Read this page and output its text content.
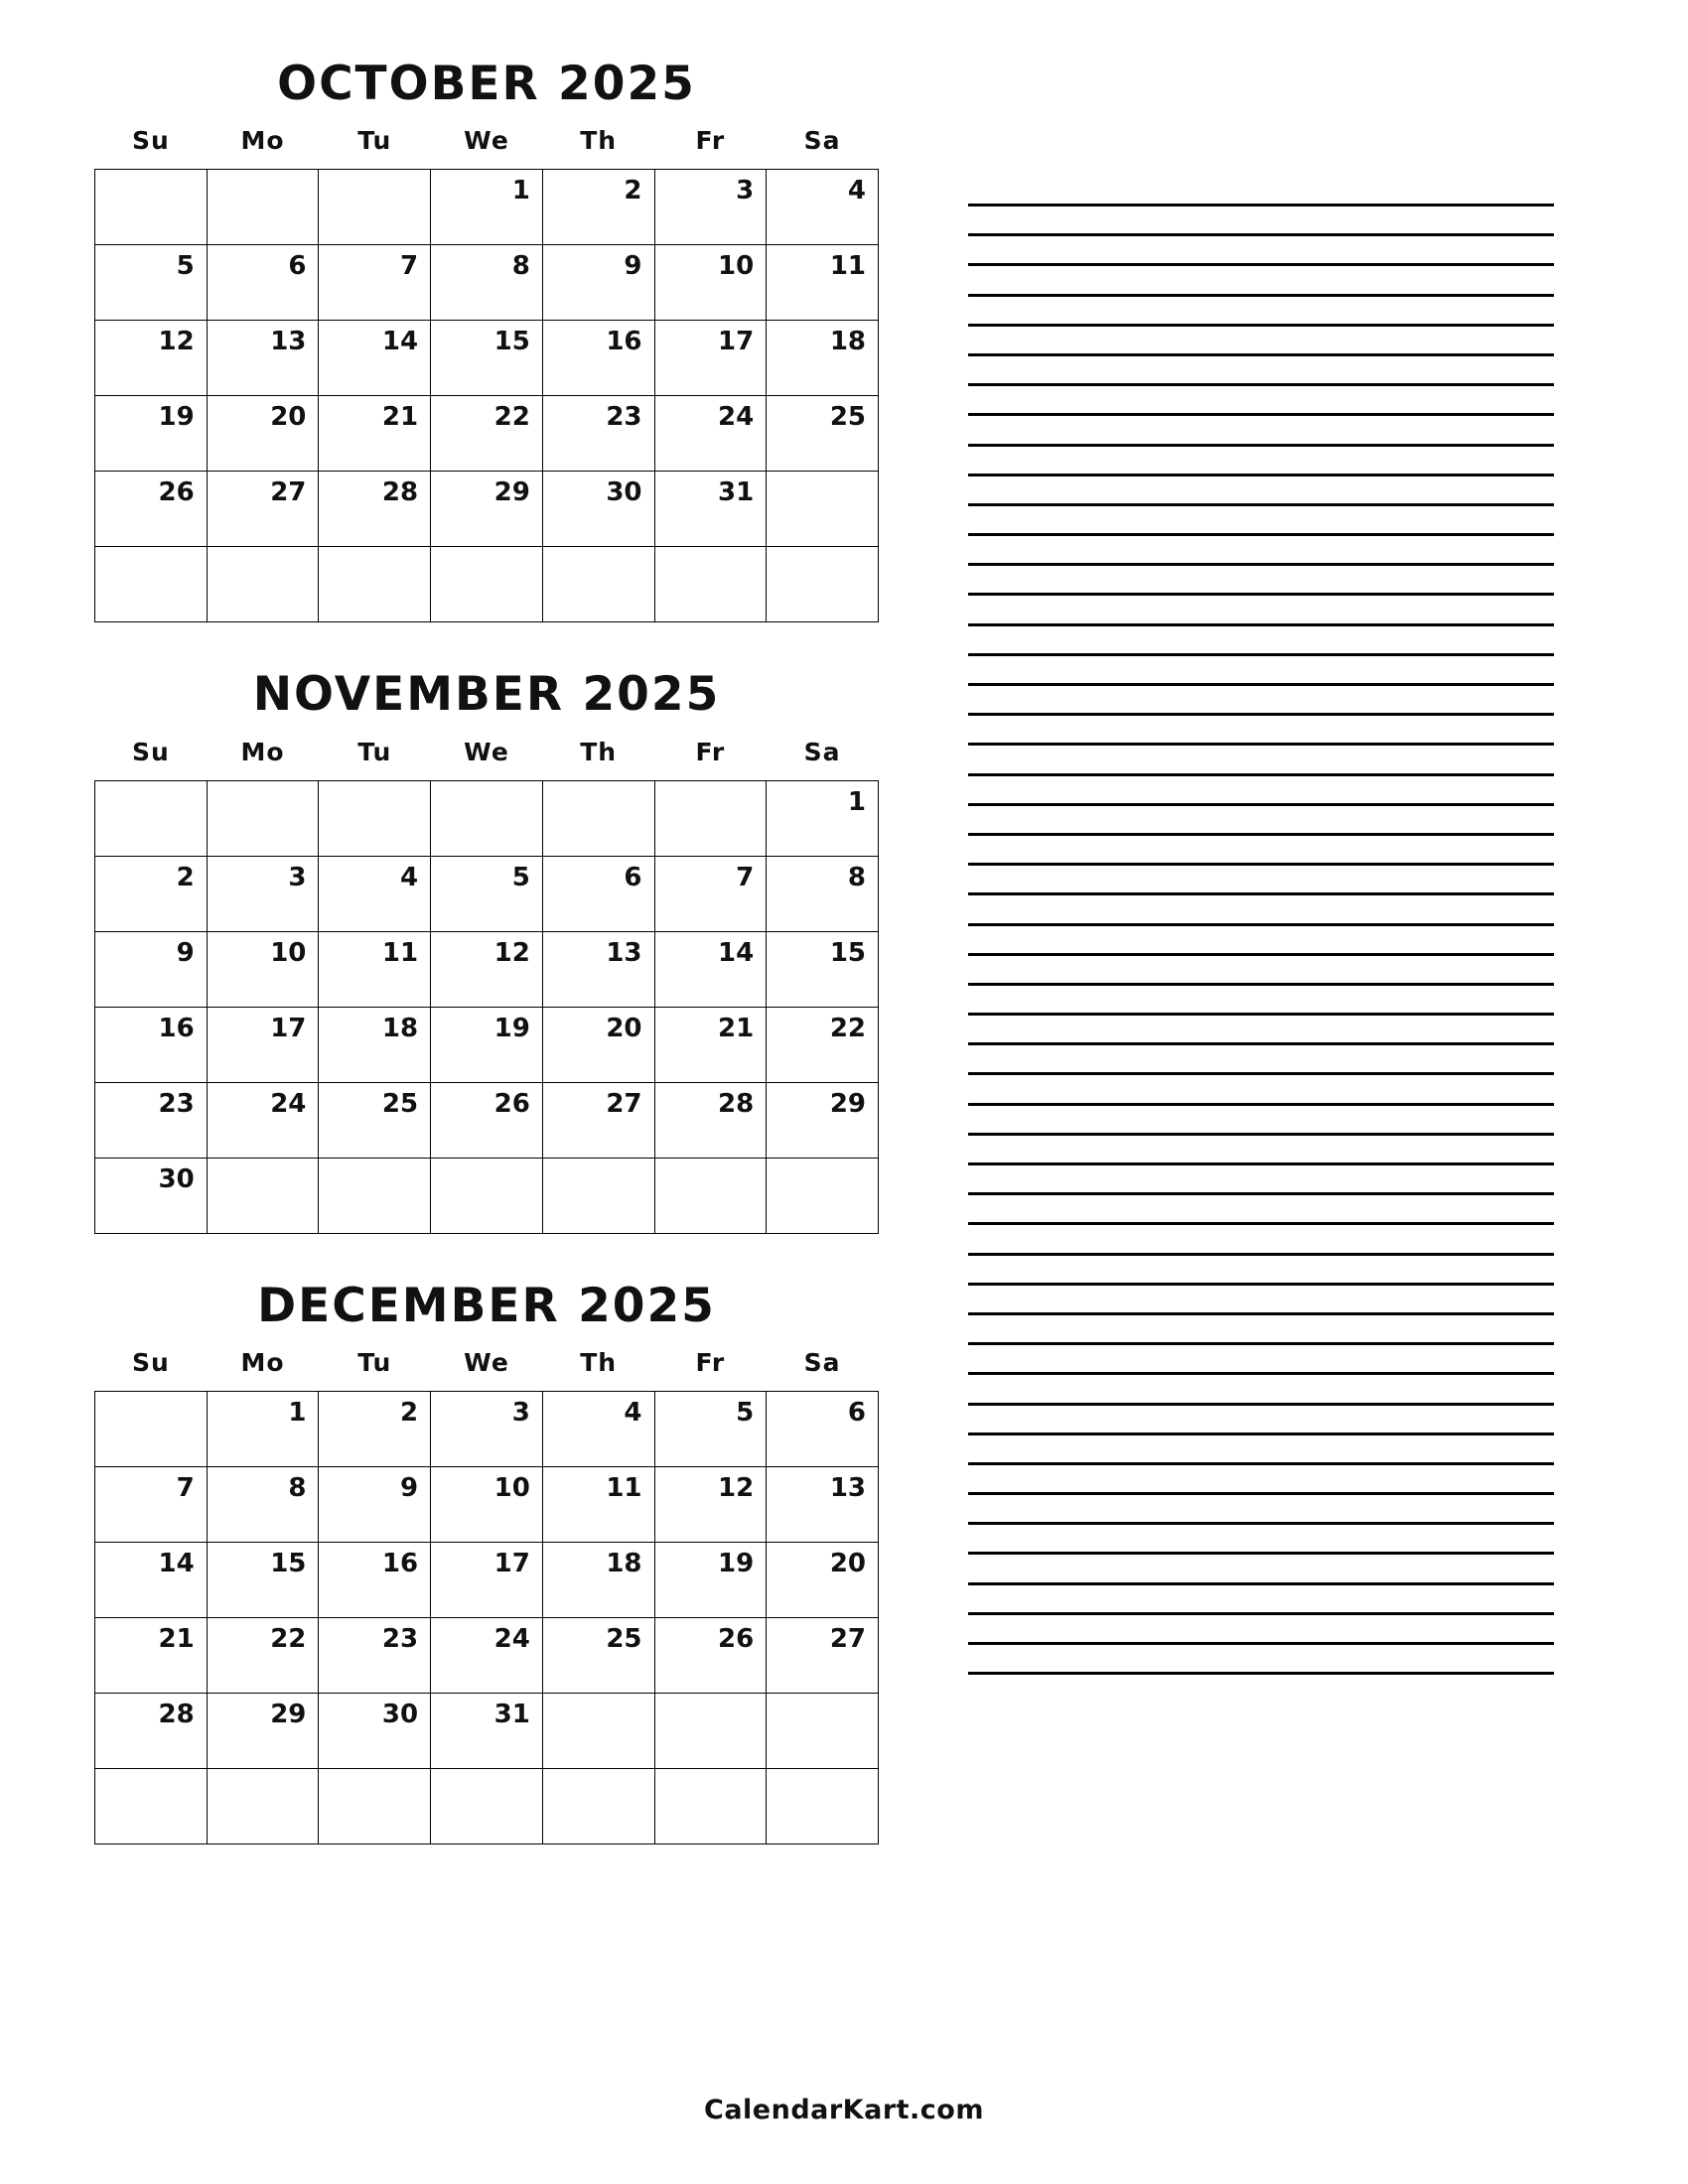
OCTOBER 2025
Su	Mo	Tu	We	Th	Fr	Sa
			1	2	3	4
5	6	7	8	9	10	11
12	13	14	15	16	17	18
19	20	21	22	23	24	25
26	27	28	29	30	31	

NOVEMBER 2025
Su	Mo	Tu	We	Th	Fr	Sa
						1
2	3	4	5	6	7	8
9	10	11	12	13	14	15
16	17	18	19	20	21	22
23	24	25	26	27	28	29
30						
DECEMBER 2025
Su	Mo	Tu	We	Th	Fr	Sa
	1	2	3	4	5	6
7	8	9	10	11	12	13
14	15	16	17	18	19	20
21	22	23	24	25	26	27
28	29	30	31			

CalendarKart.com
